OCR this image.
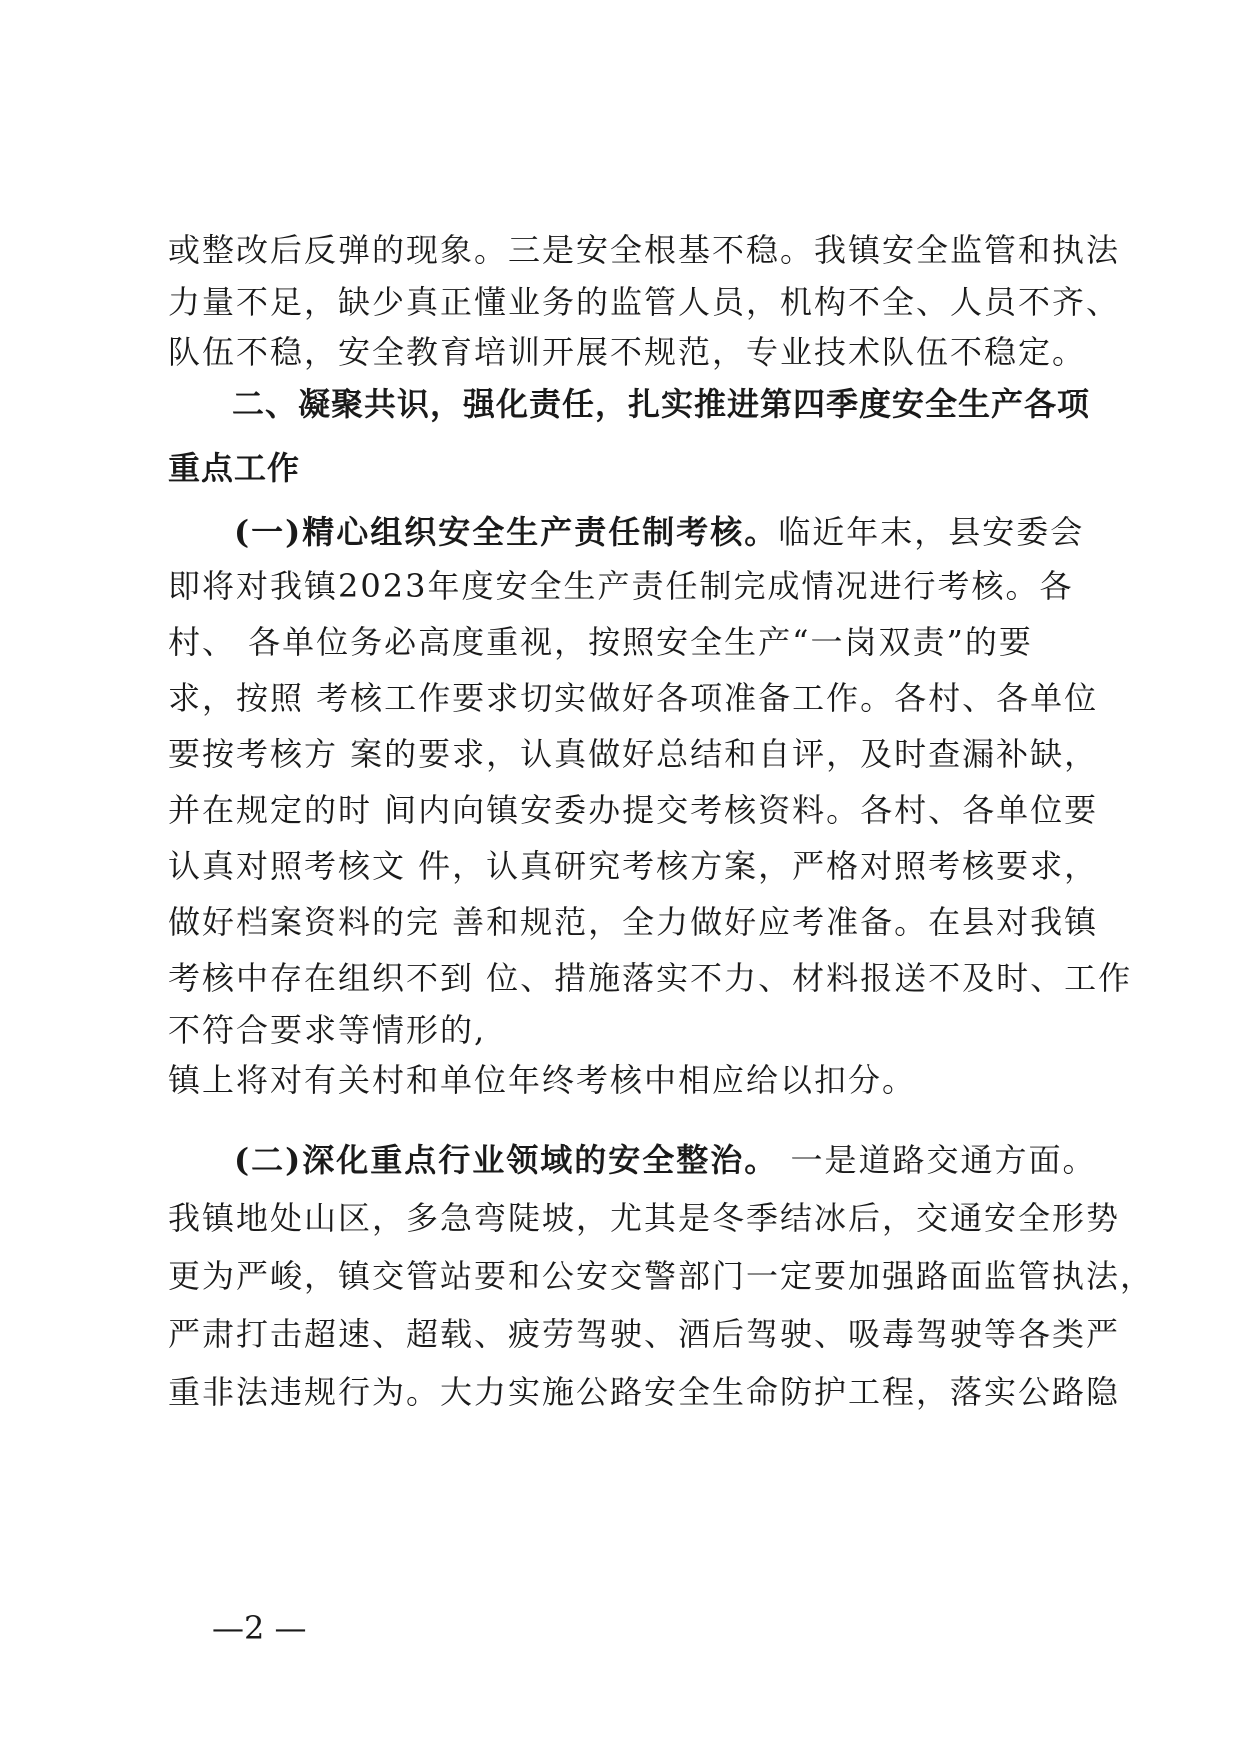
或整改后反弹的现象。三是安全根基不稳。我镇安全监管和执法
力量不足，缺少真正懂业务的监管人员，机构不全、人员不齐、
队伍不稳，安全教育培训开展不规范，专业技术队伍不稳定。
二、凝聚共识，强化责任，扎实推进第四季度安全生产各项
重点工作
(一)精心组织安全生产责任制考核。临近年末，县安委会
即将对我镇2023年度安全生产责任制完成情况进行考核。各
村、 各单位务必高度重视，按照安全生产“一岗双责”的要
求，按照 考核工作要求切实做好各项准备工作。各村、各单位
要按考核方 案的要求，认真做好总结和自评，及时查漏补缺，
并在规定的时 间内向镇安委办提交考核资料。各村、各单位要
认真对照考核文 件，认真研究考核方案，严格对照考核要求，
做好档案资料的完 善和规范，全力做好应考准备。在县对我镇
考核中存在组织不到 位、措施落实不力、材料报送不及时、工作
不符合要求等情形的,
镇上将对有关村和单位年终考核中相应给以扣分。
(二)深化重点行业领域的安全整治。 一是道路交通方面。
我镇地处山区，多急弯陡坡，尤其是冬季结冰后，交通安全形势
更为严峻，镇交管站要和公安交警部门一定要加强路面监管执法，
严肃打击超速、超载、疲劳驾驶、酒后驾驶、吸毒驾驶等各类严
重非法违规行为。大力实施公路安全生命防护工程，落实公路隐
—2 —
